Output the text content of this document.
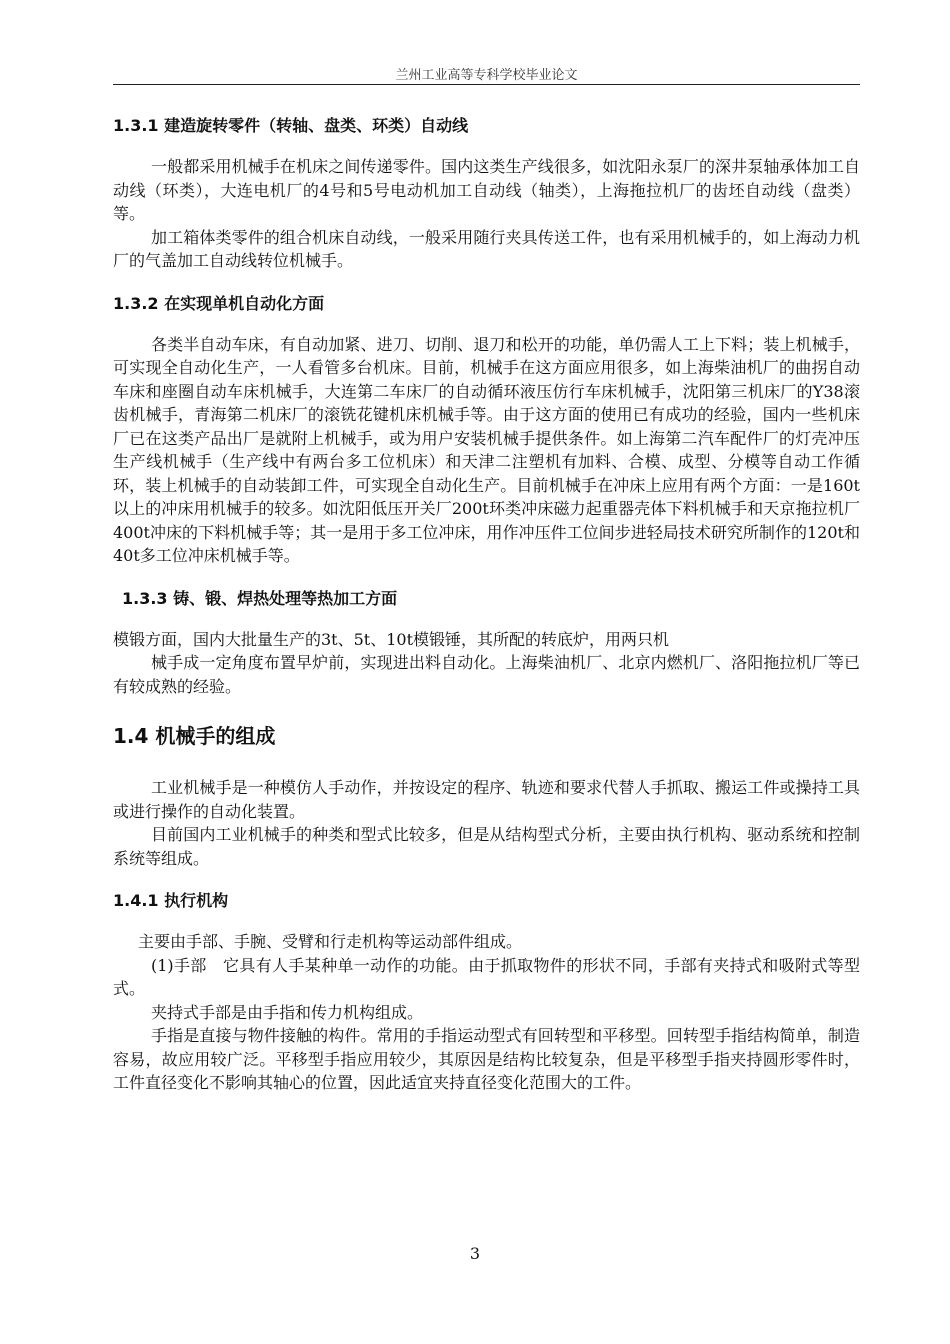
兰州工业高等专科学校毕业论文
1.3.1 建造旋转零件（转轴、盘类、环类）自动线

一般都采用机械手在机床之间传递零件。国内这类生产线很多，如沈阳永泵厂的深井泵轴承体加工自动线（环类），大连电机厂的4号和5号电动机加工自动线（轴类），上海拖拉机厂的齿坯自动线（盘类）等。

加工箱体类零件的组合机床自动线，一般采用随行夹具传送工件，也有采用机械手的，如上海动力机厂的气盖加工自动线转位机械手。

1.3.2 在实现单机自动化方面

各类半自动车床，有自动加紧、进刀、切削、退刀和松开的功能，单仍需人工上下料；装上机械手，可实现全自动化生产，一人看管多台机床。目前，机械手在这方面应用很多，如上海柴油机厂的曲拐自动车床和座圈自动车床机械手，大连第二车床厂的自动循环液压仿行车床机械手，沈阳第三机床厂的Y38滚齿机械手，青海第二机床厂的滚铣花键机床机械手等。由于这方面的使用已有成功的经验，国内一些机床厂已在这类产品出厂是就附上机械手，或为用户安装机械手提供条件。如上海第二汽车配件厂的灯壳冲压生产线机械手（生产线中有两台多工位机床）和天津二注塑机有加料、合模、成型、分模等自动工作循环，装上机械手的自动装卸工件，可实现全自动化生产。目前机械手在冲床上应用有两个方面：一是160t以上的冲床用机械手的较多。如沈阳低压开关厂200t环类冲床磁力起重器壳体下料机械手和天京拖拉机厂400t冲床的下料机械手等；其一是用于多工位冲床，用作冲压件工位间步进轻局技术研究所制作的120t和40t多工位冲床机械手等。

1.3.3 铸、锻、焊热处理等热加工方面

模锻方面，国内大批量生产的3t、5t、10t模锻锤，其所配的转底炉，用两只机

械手成一定角度布置早炉前，实现进出料自动化。上海柴油机厂、北京内燃机厂、洛阳拖拉机厂等已有较成熟的经验。

1.4 机械手的组成

工业机械手是一种模仿人手动作，并按设定的程序、轨迹和要求代替人手抓取、搬运工件或操持工具或进行操作的自动化装置。

目前国内工业机械手的种类和型式比较多，但是从结构型式分析，主要由执行机构、驱动系统和控制系统等组成。

1.4.1 执行机构

主要由手部、手腕、受臂和行走机构等运动部件组成。

(1)手部　它具有人手某种单一动作的功能。由于抓取物件的形状不同，手部有夹持式和吸附式等型式。

夹持式手部是由手指和传力机构组成。

手指是直接与物件接触的构件。常用的手指运动型式有回转型和平移型。回转型手指结构简单，制造容易，故应用较广泛。平移型手指应用较少，其原因是结构比较复杂，但是平移型手指夹持圆形零件时，工件直径变化不影响其轴心的位置，因此适宜夹持直径变化范围大的工件。

3
